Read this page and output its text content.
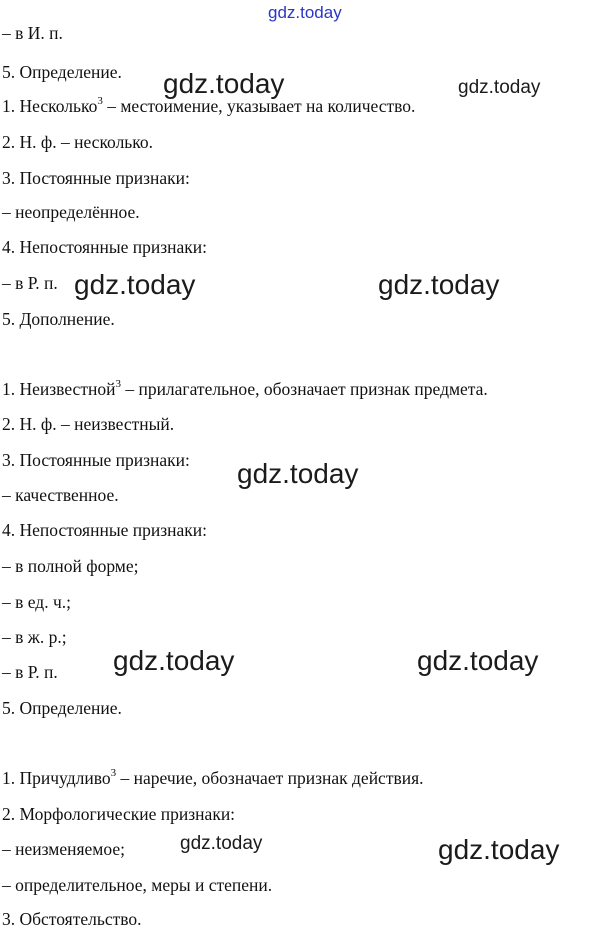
– в И. п.
5. Определение.
1. Несколько$^3$ – местоимение, указывает на количество.
2. Н. ф. – несколько.
3. Постоянные признаки:
– неопределённое.
4. Непостоянные признаки:
– в Р. п.
5. Дополнение.
1. Неизвестной$^3$ – прилагательное, обозначает признак предмета.
2. Н. ф. – неизвестный.
3. Постоянные признаки:
– качественное.
4. Непостоянные признаки:
– в полной форме;
– в ед. ч.;
– в ж. р.;
– в Р. п.
5. Определение.
1. Причудливо$^3$ – наречие, обозначает признак действия.
2. Морфологические признаки:
– неизменяемое;
– определительное, меры и степени.
3. Обстоятельство.
gdz.today
gdz.today	gdz.today
gdz.today	gdz.today
gdz.today
gdz.today	gdz.today
gdz.today	gdz.today
